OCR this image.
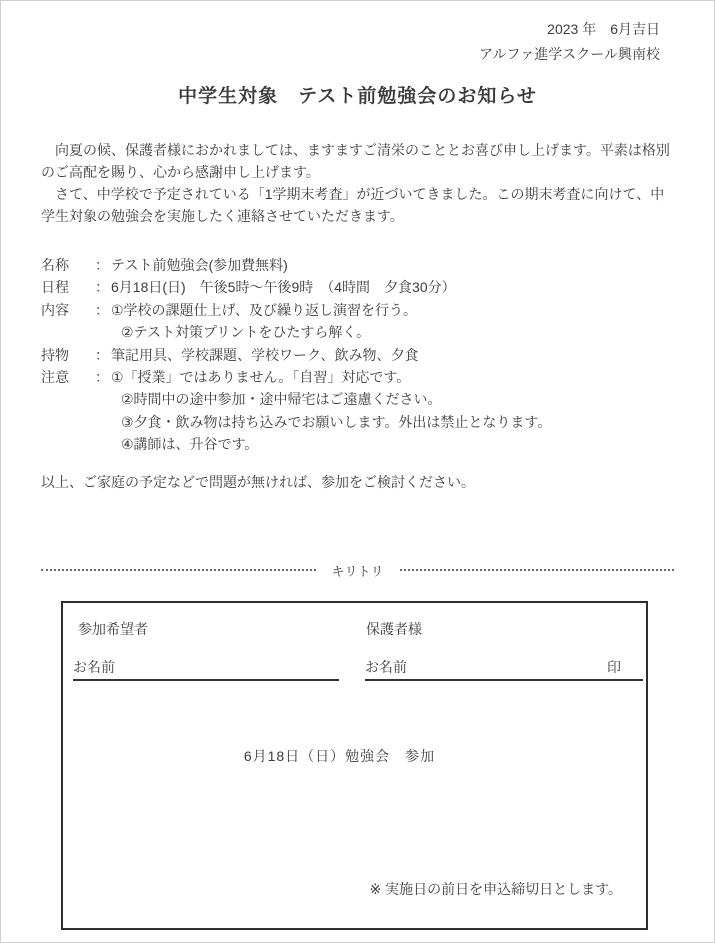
2023 年　6月吉日
アルファ進学スクール興南校
中学生対象　テスト前勉強会のお知らせ

向夏の候、保護者様におかれましては、ますますご清栄のこととお喜び申し上げます。平素は格別のご高配を賜り、心から感謝申し上げます。

さて、中学校で予定されている「1学期末考査」が近づいてきました。この期末考査に向けて、中学生対象の勉強会を実施したく連絡させていただきます。

名称	： テスト前勉強会(参加費無料)
日程	： 6月18日(日)　午後5時～午後9時　（4時間　夕食30分）
内容	： ①学校の課題仕上げ、及び繰り返し演習を行う。
②テスト対策プリントをひたすら解く。
持物	： 筆記用具、学校課題、学校ワーク、飲み物、夕食
注意	： ①「授業」ではありません。「自習」対応です。
②時間中の途中参加・途中帰宅はご遠慮ください。
③夕食・飲み物は持ち込みでお願いします。外出は禁止となります。
④講師は、升谷です。
以上、ご家庭の予定などで問題が無ければ、参加をご検討ください。
キリトリ
参加希望者	保護者様
お名前	お名前	印
6月18日（日）勉強会　参加
※ 実施日の前日を申込締切日とします。
